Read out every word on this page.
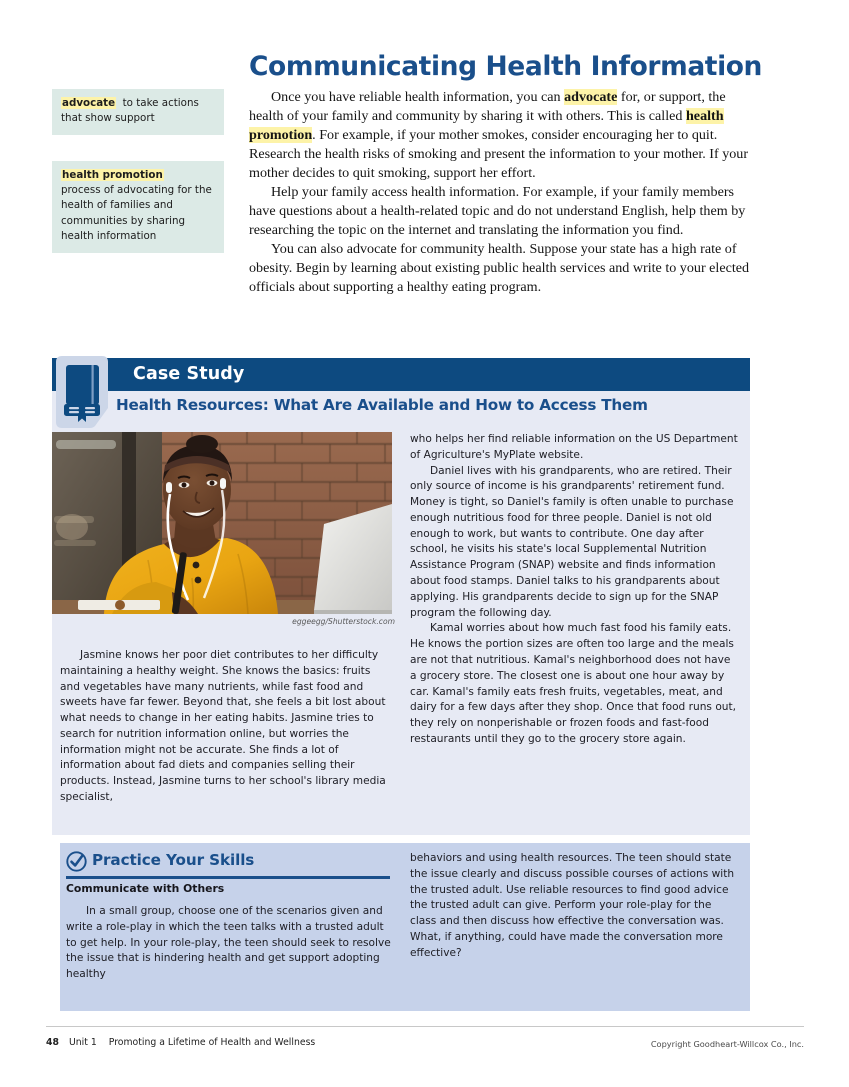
Communicating Health Information
advocate to take actions that show support
health promotion
process of advocating for the health of families and communities by sharing health information

Once you have reliable health information, you can advocate for, or support, the health of your family and community by sharing it with others. This is called health promotion. For example, if your mother smokes, consider encouraging her to quit. Research the health risks of smoking and present the information to your mother. If your mother decides to quit smoking, support her effort.

Help your family access health information. For example, if your family members have questions about a health-related topic and do not understand English, help them by researching the topic on the internet and translating the information you find.

You can also advocate for community health. Suppose your state has a high rate of obesity. Begin by learning about existing public health services and write to your elected officials about supporting a healthy eating program.

Case Study
Health Resources: What Are Available and How to Access Them
eggeegg/Shutterstock.com

Jasmine knows her poor diet contributes to her difficulty maintaining a healthy weight. She knows the basics: fruits and vegetables have many nutrients, while fast food and sweets have far fewer. Beyond that, she feels a bit lost about what needs to change in her eating habits. Jasmine tries to search for nutrition information online, but worries the information might not be accurate. She finds a lot of information about fad diets and companies selling their products. Instead, Jasmine turns to her school's library media specialist,

who helps her find reliable information on the US Department of Agriculture's MyPlate website.

Daniel lives with his grandparents, who are retired. Their only source of income is his grandparents' retirement fund. Money is tight, so Daniel's family is often unable to purchase enough nutritious food for three people. Daniel is not old enough to work, but wants to contribute. One day after school, he visits his state's local Supplemental Nutrition Assistance Program (SNAP) website and finds information about food stamps. Daniel talks to his grandparents about applying. His grandparents decide to sign up for the SNAP program the following day.

Kamal worries about how much fast food his family eats. He knows the portion sizes are often too large and the meals are not that nutritious. Kamal's neighborhood does not have a grocery store. The closest one is about one hour away by car. Kamal's family eats fresh fruits, vegetables, meat, and dairy for a few days after they shop. Once that food runs out, they rely on nonperishable or frozen foods and fast-food restaurants until they go to the grocery store again.

Practice Your Skills
Communicate with Others

In a small group, choose one of the scenarios given and write a role-play in which the teen talks with a trusted adult to get help. In your role-play, the teen should seek to resolve the issue that is hindering health and get support adopting healthy

behaviors and using health resources. The teen should state the issue clearly and discuss possible courses of actions with the trusted adult. Use reliable resources to find good advice the trusted adult can give. Perform your role-play for the class and then discuss how effective the conversation was. What, if anything, could have made the conversation more effective?

48 Unit 1 Promoting a Lifetime of Health and Wellness	Copyright Goodheart-Willcox Co., Inc.
